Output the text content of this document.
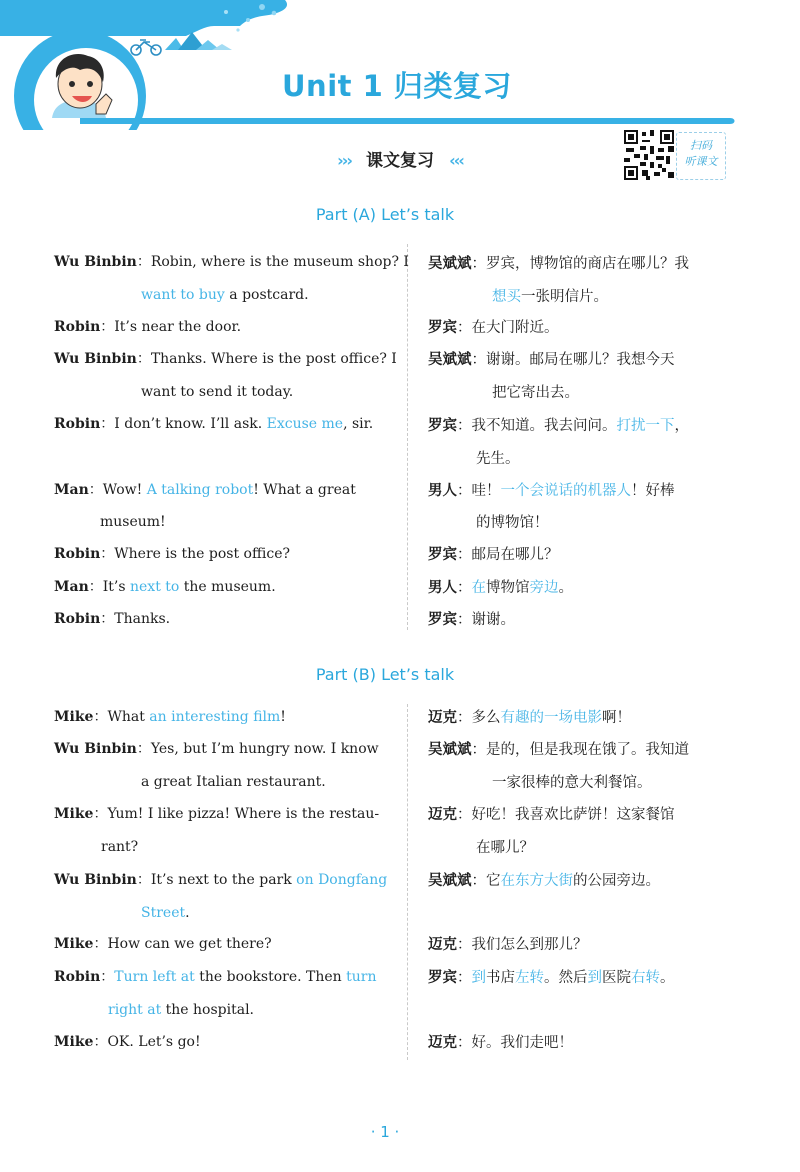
Unit 1 归类复习
››› 课文复习 ‹‹‹
扫码
听课文
Part (A) Let’s talk
Wu Binbin：Robin, where is the museum shop? I
want to buy a postcard.
Robin：It’s near the door.
Wu Binbin：Thanks. Where is the post office? I
want to send it today.
Robin：I don’t know. I’ll ask. Excuse me, sir.
Man：Wow! A talking robot! What a great
museum!
Robin：Where is the post office?
Man：It’s next to the museum.
Robin：Thanks.
吴斌斌：罗宾，博物馆的商店在哪儿？我
想买一张明信片。
罗宾：在大门附近。
吴斌斌：谢谢。邮局在哪儿？我想今天
把它寄出去。
罗宾：我不知道。我去问问。打扰一下，
先生。
男人：哇！一个会说话的机器人！好棒
的博物馆！
罗宾：邮局在哪儿？
男人：在博物馆旁边。
罗宾：谢谢。
Part (B) Let’s talk
Mike：What an interesting film!
Wu Binbin：Yes, but I’m hungry now. I know
a great Italian restaurant.
Mike：Yum! I like pizza! Where is the restau-
rant?
Wu Binbin：It’s next to the park on Dongfang
Street.
Mike：How can we get there?
Robin：Turn left at the bookstore. Then turn
right at the hospital.
Mike：OK. Let’s go!
迈克：多么有趣的一场电影啊！
吴斌斌：是的，但是我现在饿了。我知道
一家很棒的意大利餐馆。
迈克：好吃！我喜欢比萨饼！这家餐馆
在哪儿？
吴斌斌：它在东方大街的公园旁边。
迈克：我们怎么到那儿？
罗宾：到书店左转。然后到医院右转。
迈克：好。我们走吧！
· 1 ·
